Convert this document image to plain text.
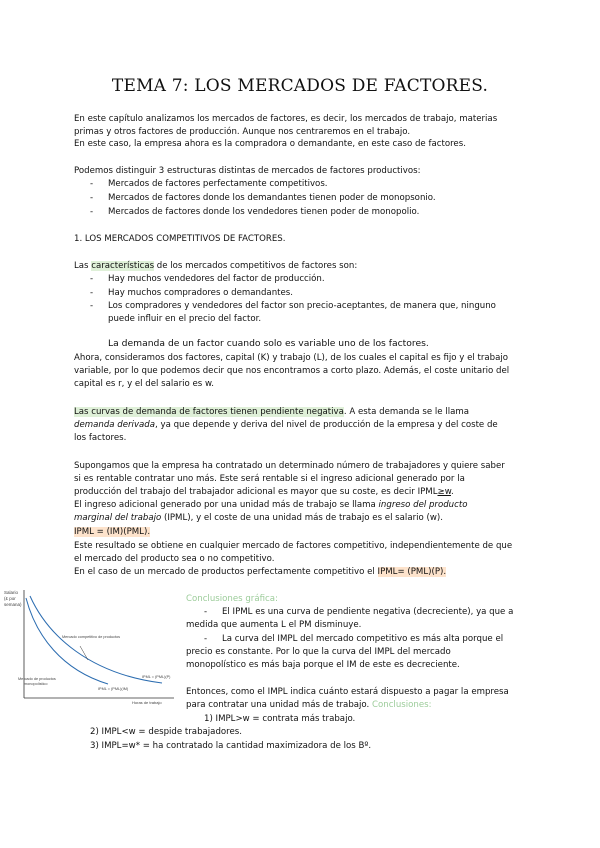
TEMA 7: LOS MERCADOS DE FACTORES.
En este capítulo analizamos los mercados de factores, es decir, los mercados de trabajo, materias
primas y otros factores de producción. Aunque nos centraremos en el trabajo.
En este caso, la empresa ahora es la compradora o demandante, en este caso de factores.
Podemos distinguir 3 estructuras distintas de mercados de factores productivos:
- Mercados de factores perfectamente competitivos.
- Mercados de factores donde los demandantes tienen poder de monopsonio.
- Mercados de factores donde los vendedores tienen poder de monopolio.
1. LOS MERCADOS COMPETITIVOS DE FACTORES.
Las características de los mercados competitivos de factores son:
- Hay muchos vendedores del factor de producción.
- Hay muchos compradores o demandantes.
- Los compradores y vendedores del factor son precio-aceptantes, de manera que, ninguno
puede influir en el precio del factor.
La demanda de un factor cuando solo es variable uno de los factores.
Ahora, consideramos dos factores, capital (K) y trabajo (L), de los cuales el capital es fijo y el trabajo
variable, por lo que podemos decir que nos encontramos a corto plazo. Además, el coste unitario del
capital es r, y el del salario es w.
Las curvas de demanda de factores tienen pendiente negativa. A esta demanda se le llama
demanda derivada, ya que depende y deriva del nivel de producción de la empresa y del coste de
los factores.
Supongamos que la empresa ha contratado un determinado número de trabajadores y quiere saber
si es rentable contratar uno más. Este será rentable si el ingreso adicional generado por la
producción del trabajo del trabajador adicional es mayor que su coste, es decir IPML≥w.
El ingreso adicional generado por una unidad más de trabajo se llama ingreso del producto
marginal del trabajo (IPML), y el coste de una unidad más de trabajo es el salario (w).
IPML = (IM)(PML).
Este resultado se obtiene en cualquier mercado de factores competitivo, independientemente de que
el mercado del producto sea o no competitivo.
En el caso de un mercado de productos perfectamente competitivo el IPML= (PML)(P).
Salario
(£ por
semana)
Mercado competitivo de productos
Mercado de productos
monopolístico
IPML = (PML)(P)
IPML = (PML)(IM)
Horas de trabajo
Conclusiones gráfica:
- El IPML es una curva de pendiente negativa (decreciente), ya que a
medida que aumenta L el PM disminuye.
- La curva del IMPL del mercado competitivo es más alta porque el
precio es constante. Por lo que la curva del IMPL del mercado
monopolístico es más baja porque el IM de este es decreciente.
Entonces, como el IMPL indica cuánto estará dispuesto a pagar la empresa
para contratar una unidad más de trabajo. Conclusiones:
1) IMPL>w = contrata más trabajo.
2) IMPL<w = despide trabajadores.
3) IMPL=w* = ha contratado la cantidad maximizadora de los Bº.
